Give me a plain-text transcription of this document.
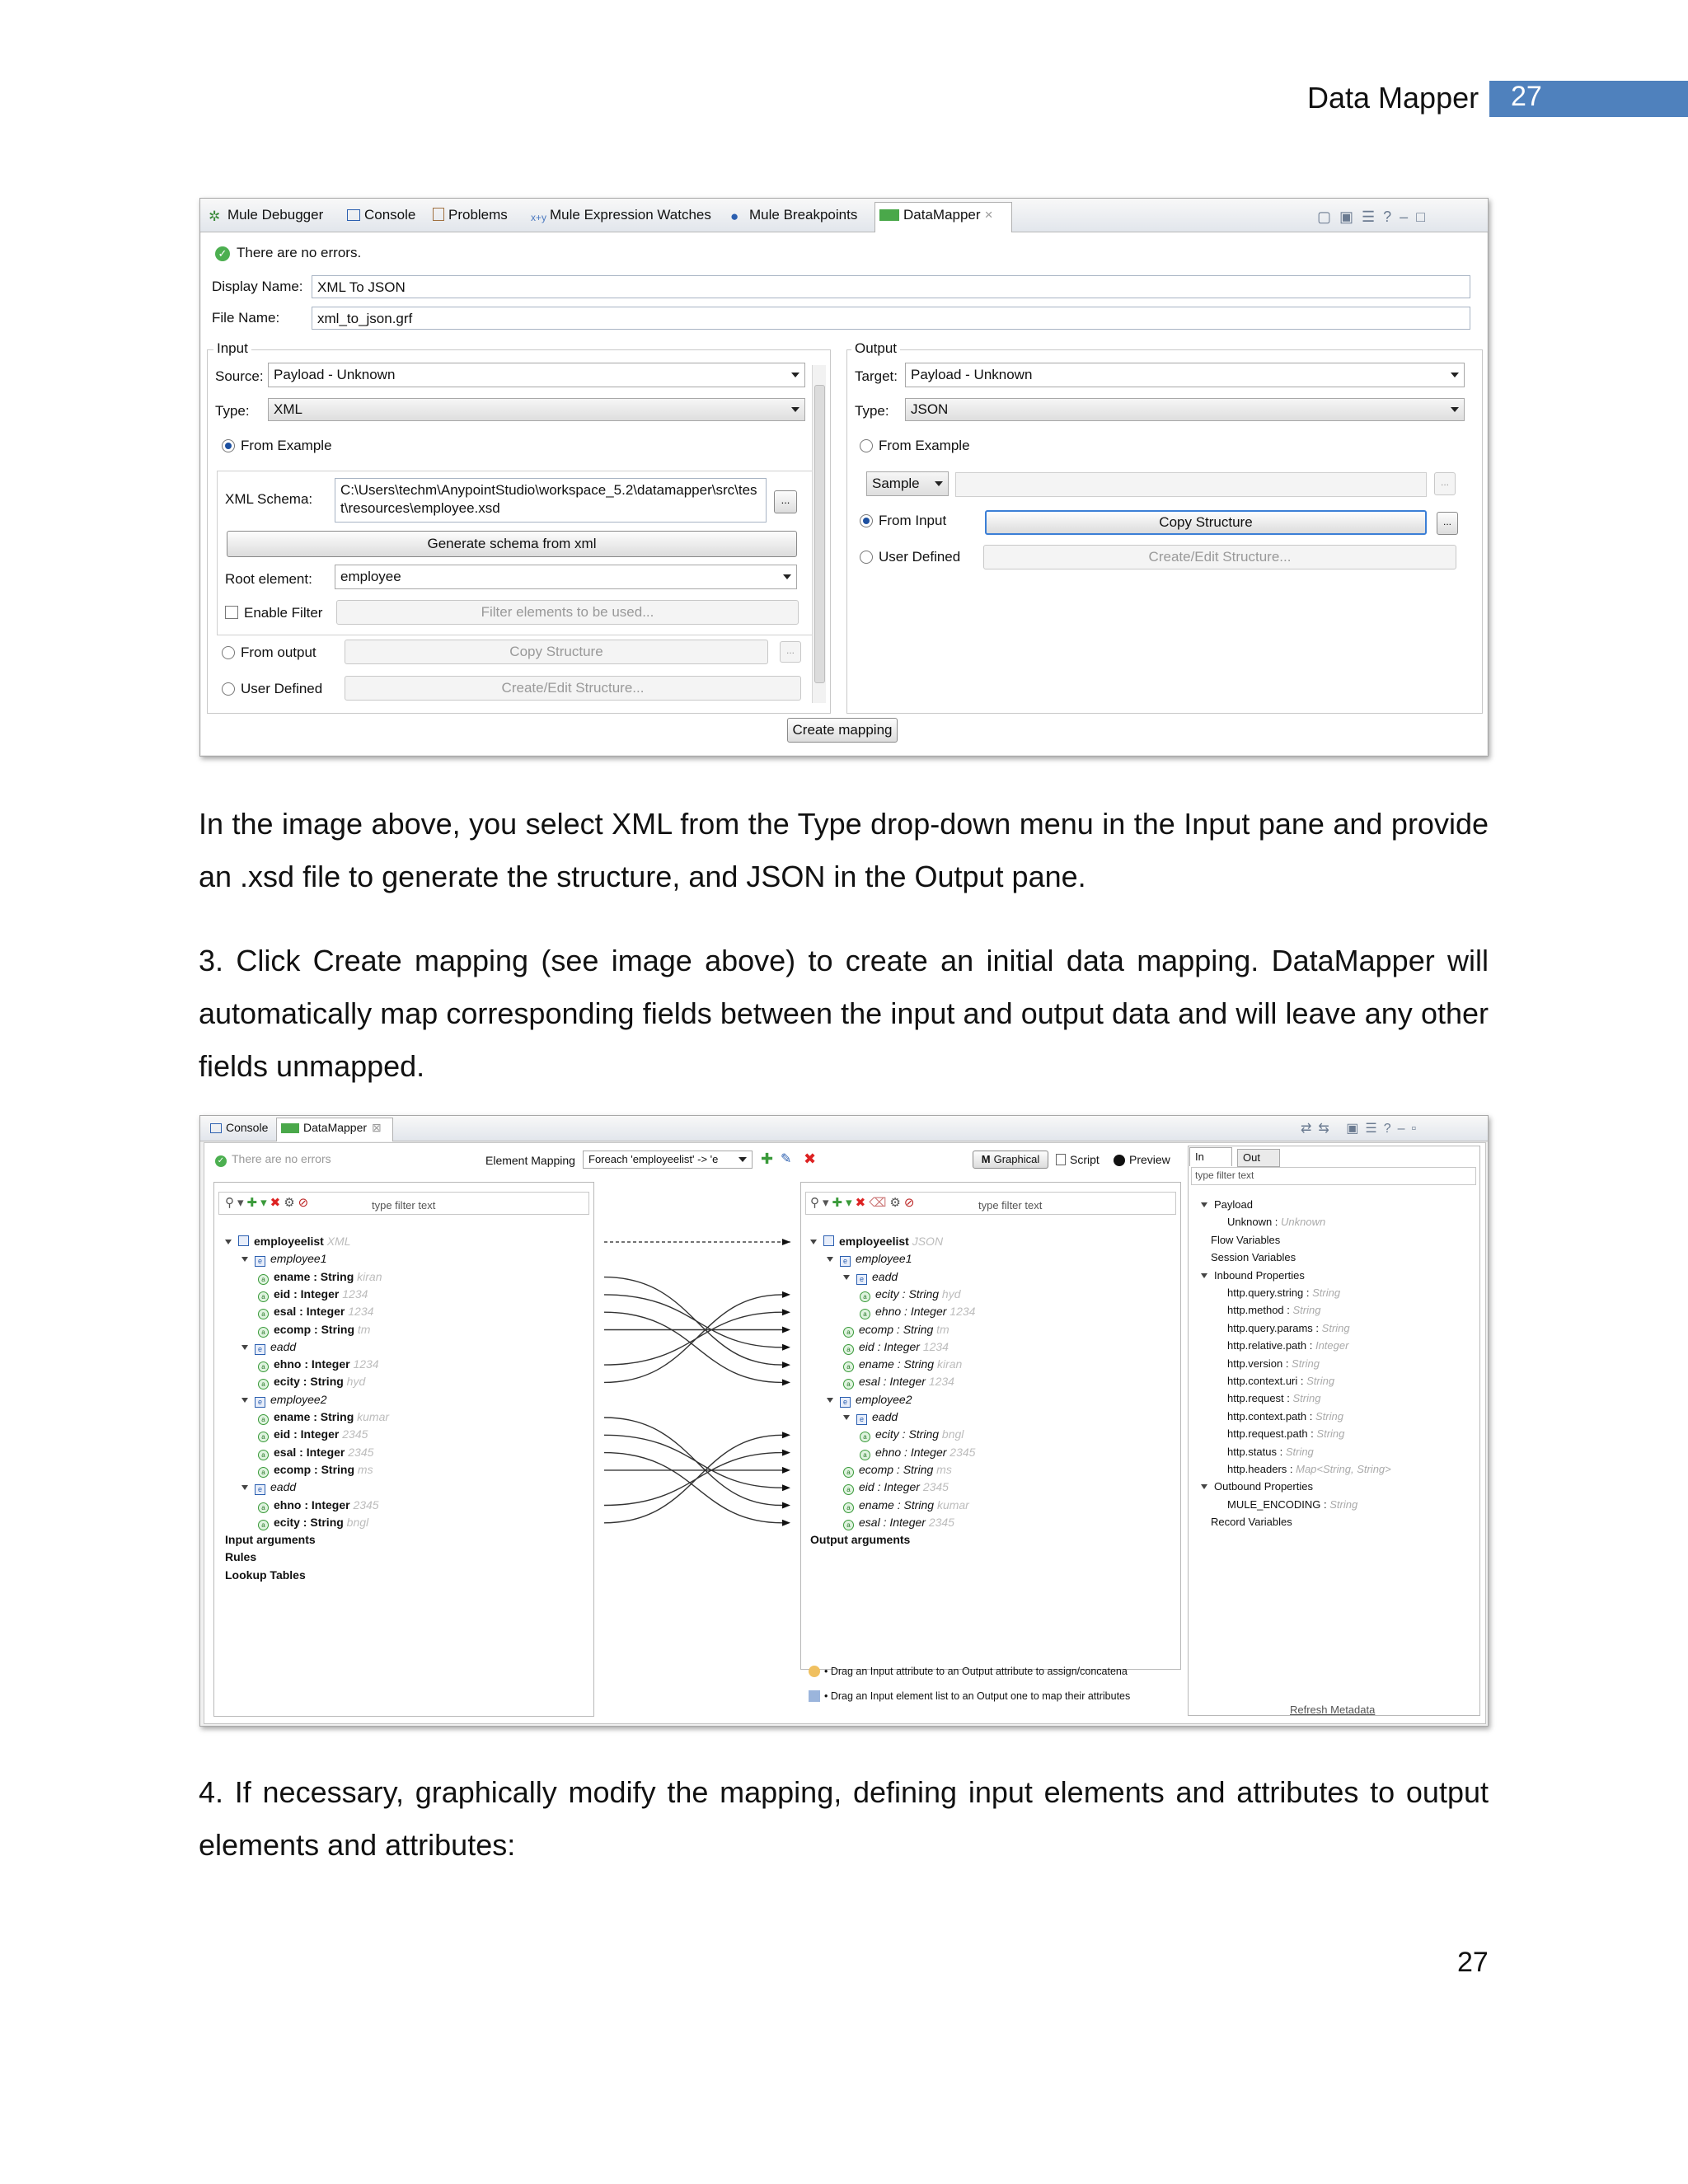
Data Mapper 27
✲ Mule Debugger	Console	Problems x+y Mule Expression Watches ● Mule Breakpoints	DataMapper ×	▢▣☰?–□
✓ There are no errors.
Display Name: XML To JSON
File Name:	xml_to_json.grf
Input
Source: Payload - Unknown
Type:	XML
From Example
XML Schema:
C:\Users\techm\AnypointStudio\workspace_5.2\datamapper\src\test\resources\employee.xsd
...
Generate schema from xml
Root element:	employee
Enable Filter	Filter elements to be used...
From output	Copy Structure	...
User Defined	Create/Edit Structure...
Output
Target: Payload - Unknown
Type:	JSON
From Example
Sample	...
From Input	Copy Structure	...
User Defined	Create/Edit Structure...
Create mapping
In the image above, you select XML from the Type drop-down menu in the Input pane and provide an .xsd file to generate the structure, and JSON in the Output pane.
3. Click Create mapping (see image above) to create an initial data mapping. DataMapper will automatically map corresponding fields between the input and output data and will leave any other fields unmapped.
Console	DataMapper ⊠	⇄⇆ ▣☰?–▫
✓ There are no errors	Element Mapping	Foreach 'employeelist' -> 'e	✚ ✎ ✖	M Graphical	Script	Preview
⚲▾✚▾✖⚙⊘	type filter text
employeelist XML
e employee1
a ename : String kiran
a eid : Integer 1234
a esal : Integer 1234
a ecomp : String tm
e eadd
a ehno : Integer 1234
a ecity : String hyd
e employee2
a ename : String kumar
a eid : Integer 2345
a esal : Integer 2345
a ecomp : String ms
e eadd
a ehno : Integer 2345
a ecity : String bngl
Input arguments
Rules
Lookup Tables
⚲▾✚▾✖⌫⚙⊘	type filter text
employeelist JSON
e employee1
e eadd
a ecity : String hyd
a ehno : Integer 1234
a ecomp : String tm
a eid : Integer 1234
a ename : String kiran
a esal : Integer 1234
e employee2
e eadd
a ecity : String bngl
a ehno : Integer 2345
a ecomp : String ms
a eid : Integer 2345
a ename : String kumar
a esal : Integer 2345
Output arguments
• Drag an Input attribute to an Output attribute to assign/concatena
• Drag an Input element list to an Output one to map their attributes
In	Out
type filter text
Payload
Unknown : Unknown
Flow Variables
Session Variables
Inbound Properties
http.query.string : String
http.method : String
http.query.params : String
http.relative.path : Integer
http.version : String
http.context.uri : String
http.request : String
http.context.path : String
http.request.path : String
http.status : String
http.headers : Map<String, String>
Outbound Properties
MULE_ENCODING : String
Record Variables
Refresh Metadata
4. If necessary, graphically modify the mapping, defining input elements and attributes to output elements and attributes:
27
